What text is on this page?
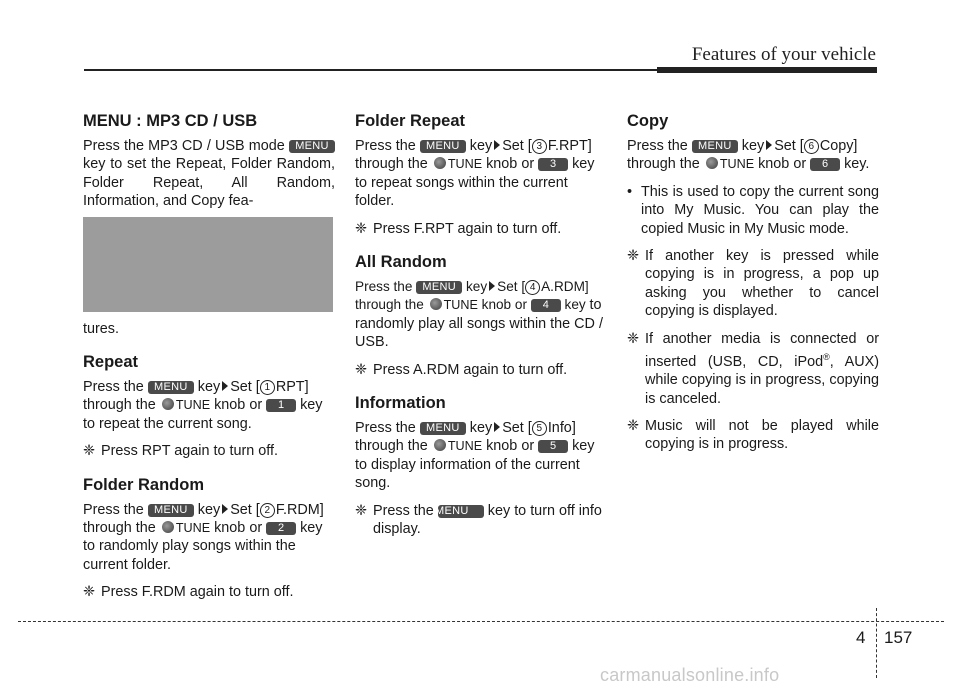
Features of your vehicle
MENU : MP3 CD / USB

Press the MP3 CD / USB mode MENU key to set the Repeat, Folder Random, Folder Repeat, All Random, Information, and Copy fea-

tures.

Repeat

Press the MENU key Set [ 1 RPT] through the TUNE knob or 1 key to repeat the current song.

❈ Press RPT again to turn off.

Folder Random

Press the MENU key Set [ 2 F.RDM] through the TUNE knob or 2 key to randomly play songs within the current folder.

❈ Press F.RDM again to turn off.

Folder Repeat

Press the MENU key Set [ 3 F.RPT] through the TUNE knob or 3 key to repeat songs within the current folder.

❈ Press F.RPT again to turn off.

All Random

Press the MENU key Set [ 4 A.RDM] through the TUNE knob or 4 key to randomly play all songs within the CD / USB.

❈ Press A.RDM again to turn off.

Information

Press the MENU key Set [ 5 Info] through the TUNE knob or 5 key to display information of the current song.

❈ Press the MENU key to turn off info display.

Copy

Press the MENU key Set [ 6 Copy] through the TUNE knob or 6 key.

• This is used to copy the current song into My Music. You can play the copied Music in My Music mode.

❈ If another key is pressed while copying is in progress, a pop up asking you whether to cancel copying is displayed.

❈ If another media is connected or inserted (USB, CD, iPod®, AUX) while copying is in progress, copying is canceled.

❈ Music will not be played while copying is in progress.

4 157
carmanualsonline.info
